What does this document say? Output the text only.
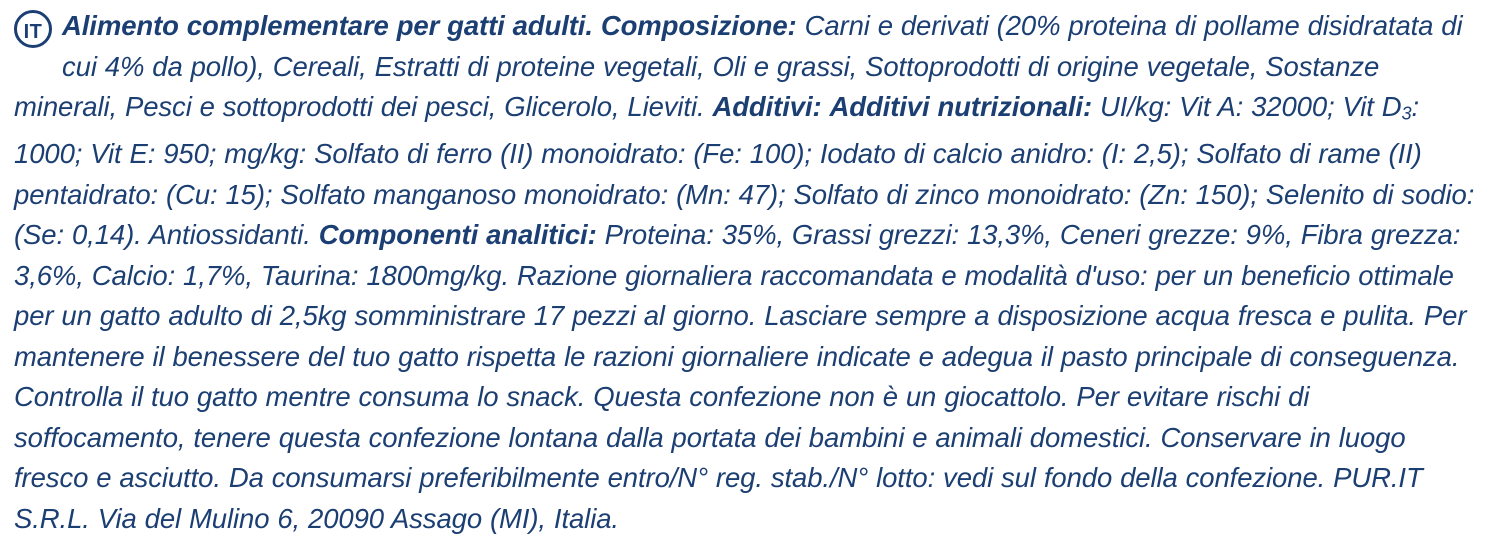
IT Alimento complementare per gatti adulti. Composizione: Carni e derivati (20% proteina di pollame disidratata di cui 4% da pollo), Cereali, Estratti di proteine vegetali, Oli e grassi, Sottoprodotti di origine vegetale, Sostanze minerali, Pesci e sottoprodotti dei pesci, Glicerolo, Lieviti. Additivi: Additivi nutrizionali: UI/kg: Vit A: 32000; Vit $D_3$: 1000; Vit E: 950; mg/kg: Solfato di ferro (II) monoidrato: (Fe: 100); Iodato di calcio anidro: (I: 2,5); Solfato di rame (II) pentaidrato: (Cu: 15); Solfato manganoso monoidrato: (Mn: 47); Solfato di zinco monoidrato: (Zn: 150); Selenito di sodio: (Se: 0,14). Antiossidanti. Componenti analitici: Proteina: 35%, Grassi grezzi: 13,3%, Ceneri grezze: 9%, Fibra grezza: 3,6%, Calcio: 1,7%, Taurina: 1800mg/kg. Razione giornaliera raccomandata e modalità d'uso: per un beneficio ottimale per un gatto adulto di 2,5kg somministrare 17 pezzi al giorno. Lasciare sempre a disposizione acqua fresca e pulita. Per mantenere il benessere del tuo gatto rispetta le razioni giornaliere indicate e adegua il pasto principale di conseguenza. Controlla il tuo gatto mentre consuma lo snack. Questa confezione non è un giocattolo. Per evitare rischi di soffocamento, tenere questa confezione lontana dalla portata dei bambini e animali domestici. Conservare in luogo fresco e asciutto. Da consumarsi preferibilmente entro/N° reg. stab./N° lotto: vedi sul fondo della confezione. PUR.IT S.R.L. Via del Mulino 6, 20090 Assago (MI), Italia.
